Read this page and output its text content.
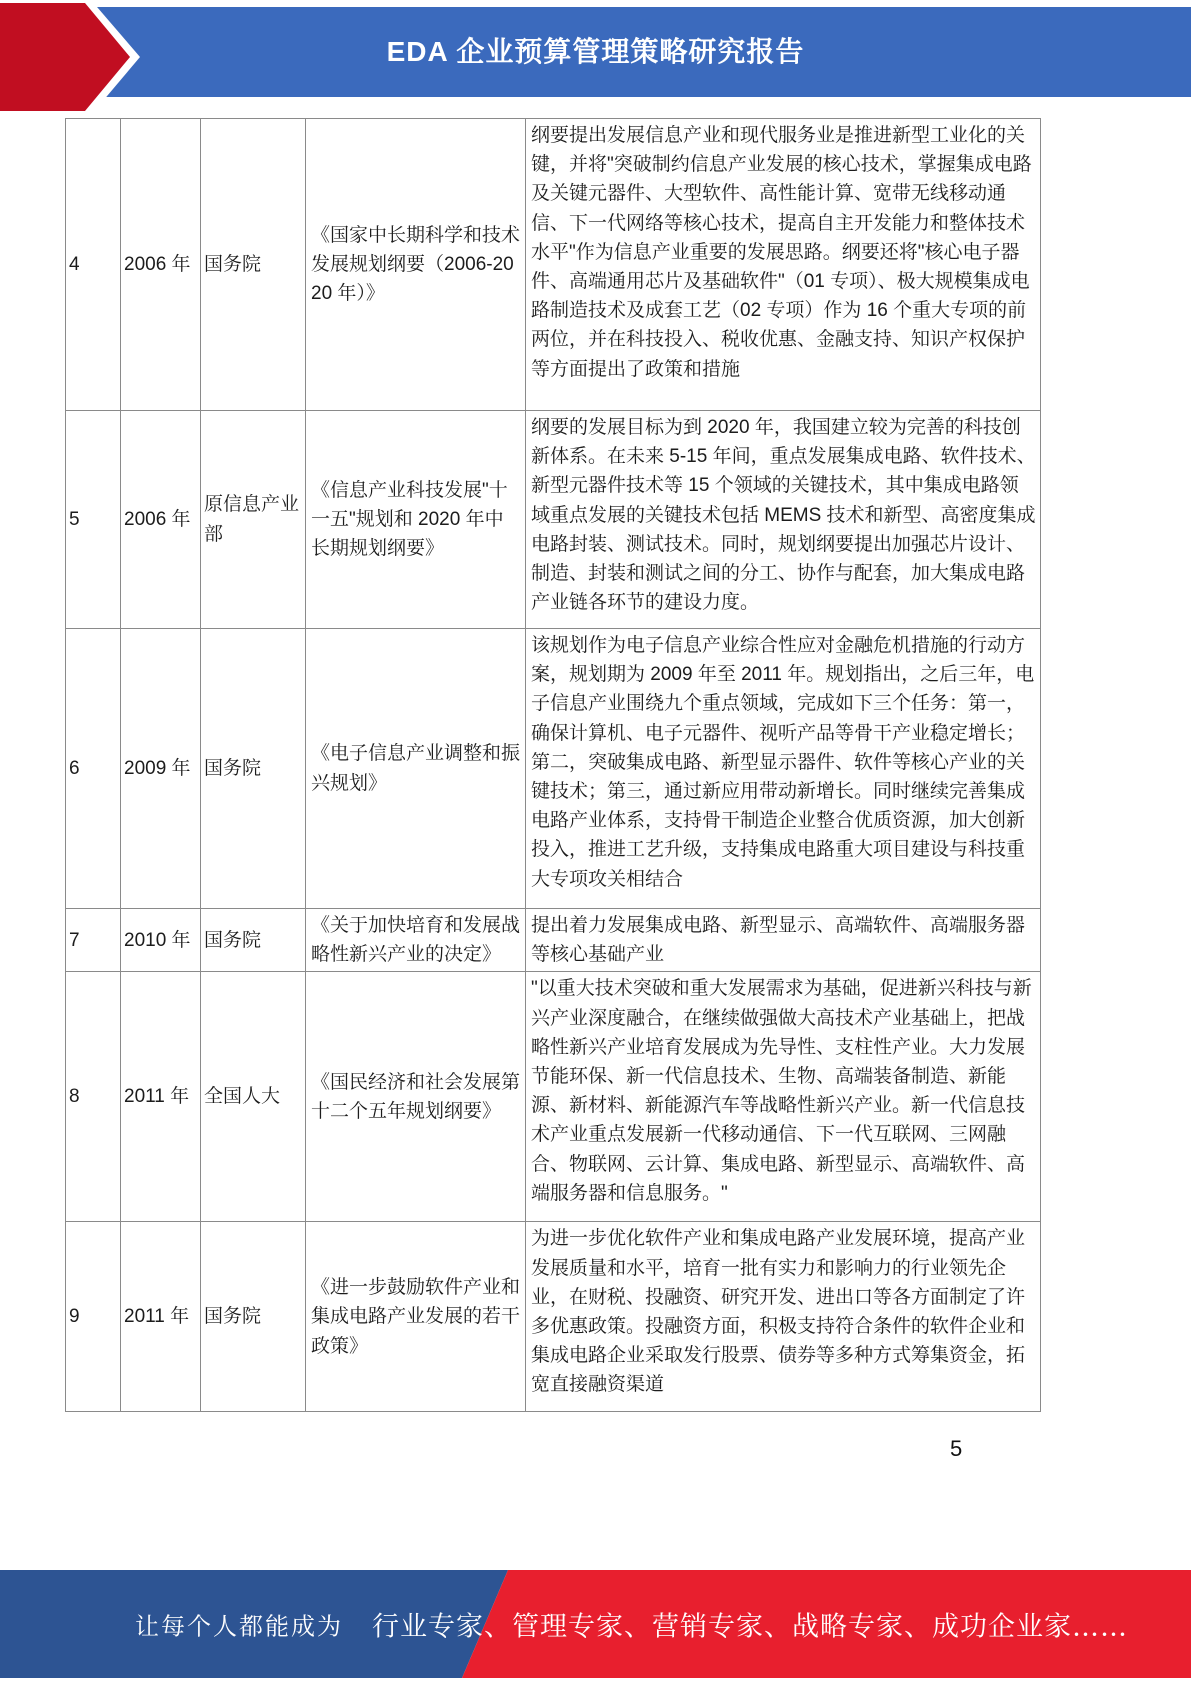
EDA 企业预算管理策略研究报告
4	2006 年	国务院	《国家中长期科学和技术发展规划纲要（2006-2020 年）》	纲要提出发展信息产业和现代服务业是推进新型工业化的关键，并将"突破制约信息产业发展的核心技术，掌握集成电路及关键元器件、大型软件、高性能计算、宽带无线移动通信、下一代网络等核心技术，提高自主开发能力和整体技术水平"作为信息产业重要的发展思路。纲要还将"核心电子器件、高端通用芯片及基础软件"（01 专项）、极大规模集成电路制造技术及成套工艺（02 专项）作为 16 个重大专项的前两位，并在科技投入、税收优惠、金融支持、知识产权保护等方面提出了政策和措施
5	2006 年	原信息产业部	《信息产业科技发展"十一五"规划和 2020 年中长期规划纲要》	纲要的发展目标为到 2020 年，我国建立较为完善的科技创新体系。在未来 5-15 年间，重点发展集成电路、软件技术、新型元器件技术等 15 个领域的关键技术，其中集成电路领域重点发展的关键技术包括 MEMS 技术和新型、高密度集成电路封装、测试技术。同时，规划纲要提出加强芯片设计、制造、封装和测试之间的分工、协作与配套，加大集成电路产业链各环节的建设力度。
6	2009 年	国务院	《电子信息产业调整和振兴规划》	该规划作为电子信息产业综合性应对金融危机措施的行动方案，规划期为 2009 年至 2011 年。规划指出，之后三年，电子信息产业围绕九个重点领域，完成如下三个任务：第一，确保计算机、电子元器件、视听产品等骨干产业稳定增长；第二，突破集成电路、新型显示器件、软件等核心产业的关键技术；第三，通过新应用带动新增长。同时继续完善集成电路产业体系，支持骨干制造企业整合优质资源，加大创新投入，推进工艺升级，支持集成电路重大项目建设与科技重大专项攻关相结合
7	2010 年	国务院	《关于加快培育和发展战略性新兴产业的决定》	提出着力发展集成电路、新型显示、高端软件、高端服务器等核心基础产业
8	2011 年	全国人大	《国民经济和社会发展第十二个五年规划纲要》	"以重大技术突破和重大发展需求为基础，促进新兴科技与新兴产业深度融合，在继续做强做大高技术产业基础上，把战略性新兴产业培育发展成为先导性、支柱性产业。大力发展节能环保、新一代信息技术、生物、高端装备制造、新能源、新材料、新能源汽车等战略性新兴产业。新一代信息技术产业重点发展新一代移动通信、下一代互联网、三网融合、物联网、云计算、集成电路、新型显示、高端软件、高端服务器和信息服务。"
9	2011 年	国务院	《进一步鼓励软件产业和集成电路产业发展的若干政策》	为进一步优化软件产业和集成电路产业发展环境，提高产业发展质量和水平，培育一批有实力和影响力的行业领先企业，在财税、投融资、研究开发、进出口等各方面制定了许多优惠政策。投融资方面，积极支持符合条件的软件企业和集成电路企业采取发行股票、债券等多种方式筹集资金，拓宽直接融资渠道
5
让每个人都能成为 行业专家、管理专家、营销专家、战略专家、成功企业家……
